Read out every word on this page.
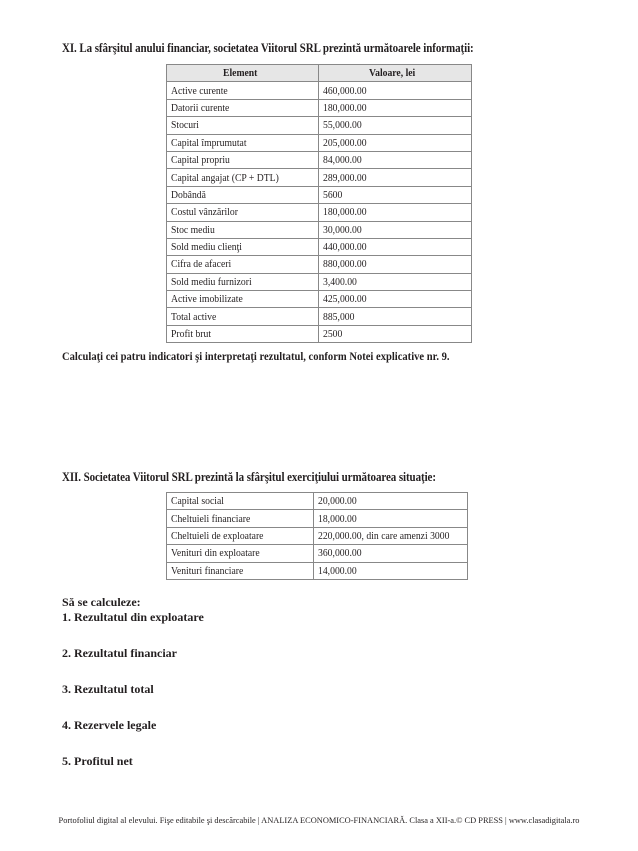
XI. La sfârşitul anului financiar, societatea Viitorul SRL prezintă următoarele informaţii:

Element	Valoare, lei
Active curente	460,000.00
Datorii curente	180,000.00
Stocuri	55,000.00
Capital împrumutat	205,000.00
Capital propriu	84,000.00
Capital angajat (CP + DTL)	289,000.00
Dobândă	5600
Costul vânzărilor	180,000.00
Stoc mediu	30,000.00
Sold mediu clienţi	440,000.00
Cifra de afaceri	880,000.00
Sold mediu furnizori	3,400.00
Active imobilizate	425,000.00
Total active	885,000
Profit brut	2500

Calculaţi cei patru indicatori şi interpretaţi rezultatul, conform Notei explicative nr. 9.

XII. Societatea Viitorul SRL prezintă la sfârşitul exerciţiului următoarea situaţie:

Capital social	20,000.00
Cheltuieli financiare	18,000.00
Cheltuieli de exploatare	220,000.00, din care amenzi 3000
Venituri din exploatare	360,000.00
Venituri financiare	14,000.00

Să se calculeze:

1. Rezultatul din exploatare

2. Rezultatul financiar

3. Rezultatul total

4. Rezervele legale

5. Profitul net

Portofoliul digital al elevului. Fişe editabile şi descărcabile | ANALIZA ECONOMICO-FINANCIARĂ. Clasa a XII-a.© CD PRESS | www.clasadigitala.ro
